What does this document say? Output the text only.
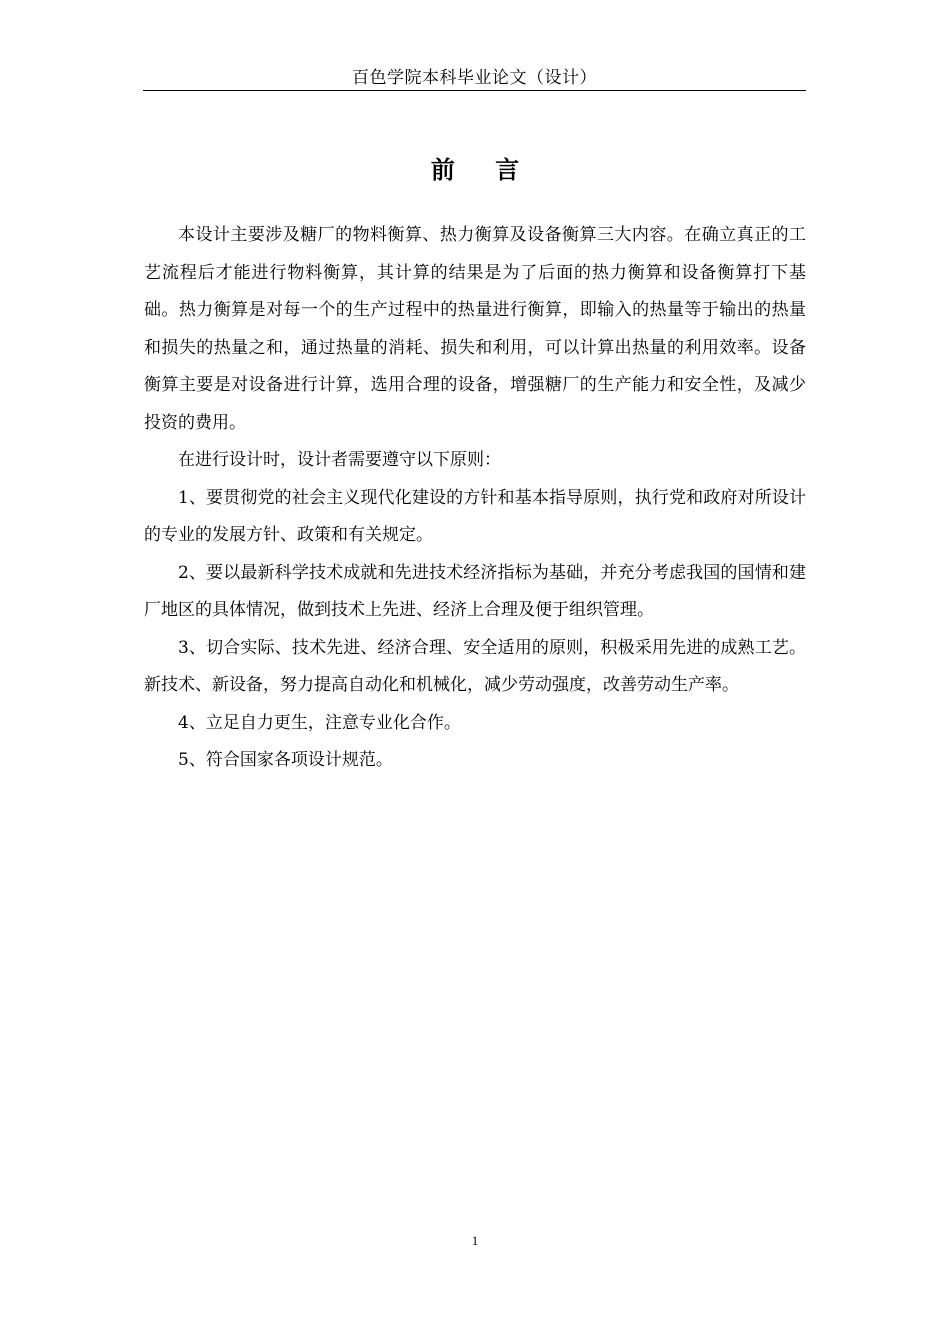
百色学院本科毕业论文（设计）
前 言

本设计主要涉及糖厂的物料衡算、热力衡算及设备衡算三大内容。在确立真正的工艺流程后才能进行物料衡算，其计算的结果是为了后面的热力衡算和设备衡算打下基础。热力衡算是对每一个的生产过程中的热量进行衡算，即输入的热量等于输出的热量和损失的热量之和，通过热量的消耗、损失和利用，可以计算出热量的利用效率。设备衡算主要是对设备进行计算，选用合理的设备，增强糖厂的生产能力和安全性，及减少投资的费用。

在进行设计时，设计者需要遵守以下原则：

1、要贯彻党的社会主义现代化建设的方针和基本指导原则，执行党和政府对所设计的专业的发展方针、政策和有关规定。

2、要以最新科学技术成就和先进技术经济指标为基础，并充分考虑我国的国情和建厂地区的具体情况，做到技术上先进、经济上合理及便于组织管理。

3、切合实际、技术先进、经济合理、安全适用的原则，积极采用先进的成熟工艺。新技术、新设备，努力提高自动化和机械化，减少劳动强度，改善劳动生产率。

4、立足自力更生，注意专业化合作。

5、符合国家各项设计规范。

1
